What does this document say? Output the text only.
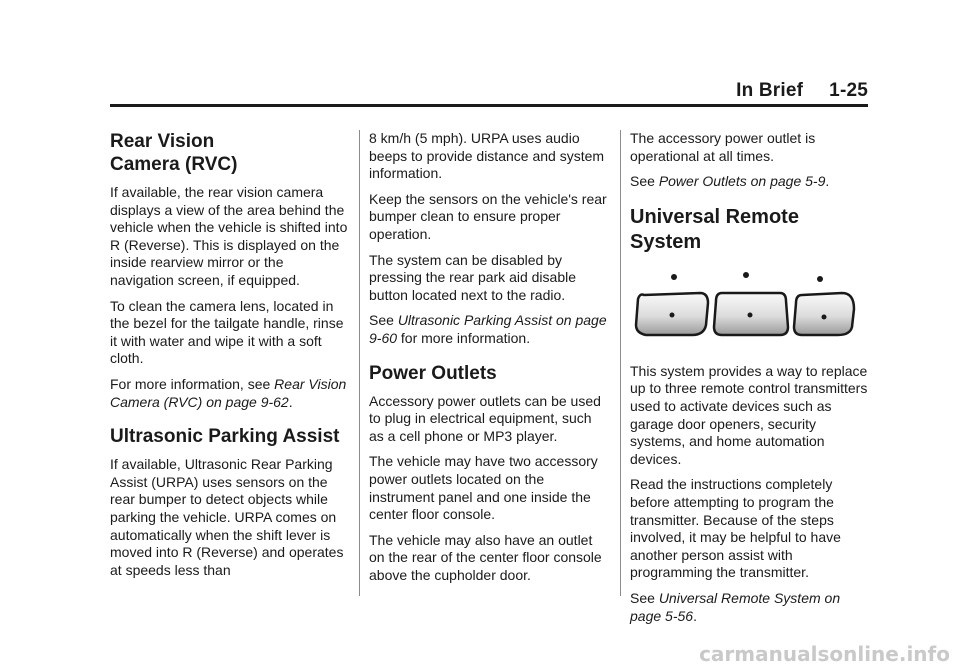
In Brief 1-25
Rear Vision
Camera (RVC)

If available, the rear vision camera displays a view of the area behind the vehicle when the vehicle is shifted into R (Reverse). This is displayed on the inside rearview mirror or the navigation screen, if equipped.

To clean the camera lens, located in the bezel for the tailgate handle, rinse it with water and wipe it with a soft cloth.

For more information, see Rear Vision Camera (RVC) on page 9-62.

Ultrasonic Parking Assist

If available, Ultrasonic Rear Parking Assist (URPA) uses sensors on the rear bumper to detect objects while parking the vehicle. URPA comes on automatically when the shift lever is moved into R (Reverse) and operates at speeds less than

8 km/h (5 mph). URPA uses audio beeps to provide distance and system information.

Keep the sensors on the vehicle's rear bumper clean to ensure proper operation.

The system can be disabled by pressing the rear park aid disable button located next to the radio.

See Ultrasonic Parking Assist on page 9-60 for more information.

Power Outlets

Accessory power outlets can be used to plug in electrical equipment, such as a cell phone or MP3 player.

The vehicle may have two accessory power outlets located on the instrument panel and one inside the center floor console.

The vehicle may also have an outlet on the rear of the center floor console above the cupholder door.

The accessory power outlet is operational at all times.

See Power Outlets on page 5-9.

Universal Remote System

This system provides a way to replace up to three remote control transmitters used to activate devices such as garage door openers, security systems, and home automation devices.

Read the instructions completely before attempting to program the transmitter. Because of the steps involved, it may be helpful to have another person assist with programming the transmitter.

See Universal Remote System on page 5-56.

carmanualsonline.info
